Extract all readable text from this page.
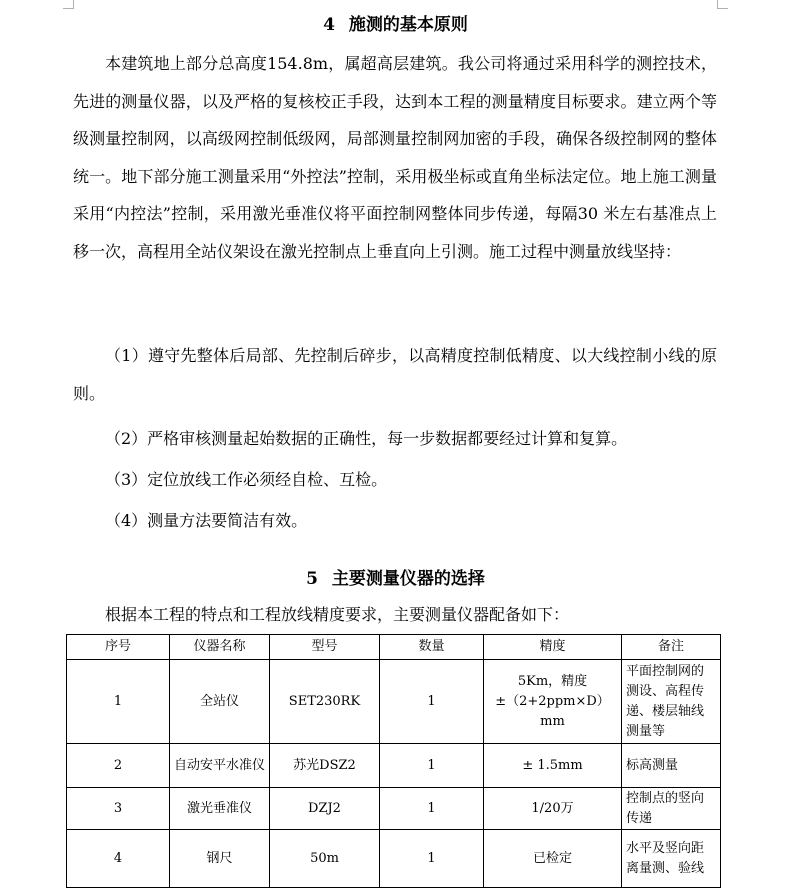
4 施测的基本原则

本建筑地上部分总高度154.8m，属超高层建筑。我公司将通过采用科学的测控技术，先进的测量仪器，以及严格的复核校正手段，达到本工程的测量精度目标要求。建立两个等级测量控制网，以高级网控制低级网，局部测量控制网加密的手段，确保各级控制网的整体统一。地下部分施工测量采用“外控法”控制，采用极坐标或直角坐标法定位。地上施工测量采用“内控法”控制，采用激光垂准仪将平面控制网整体同步传递，每隔30 米左右基准点上移一次，高程用全站仪架设在激光控制点上垂直向上引测。施工过程中测量放线坚持：

（1）遵守先整体后局部、先控制后碎步，以高精度控制低精度、以大线控制小线的原则。

（2）严格审核测量起始数据的正确性，每一步数据都要经过计算和复算。

（3）定位放线工作必须经自检、互检。

（4）测量方法要简洁有效。

5 主要测量仪器的选择

根据本工程的特点和工程放线精度要求，主要测量仪器配备如下：

序号	仪器名称	型号	数量	精度	备注
1	全站仪	SET230RK	1	5Km，精度±（2+2ppm×D）mm	平面控制网的测设、高程传递、楼层轴线测量等
2	自动安平水准仪	苏光DSZ2	1	± 1.5mm	标高测量
3	激光垂准仪	DZJ2	1	1/20万	控制点的竖向传递
4	钢尺	50m	1	已检定	水平及竖向距离量测、验线
